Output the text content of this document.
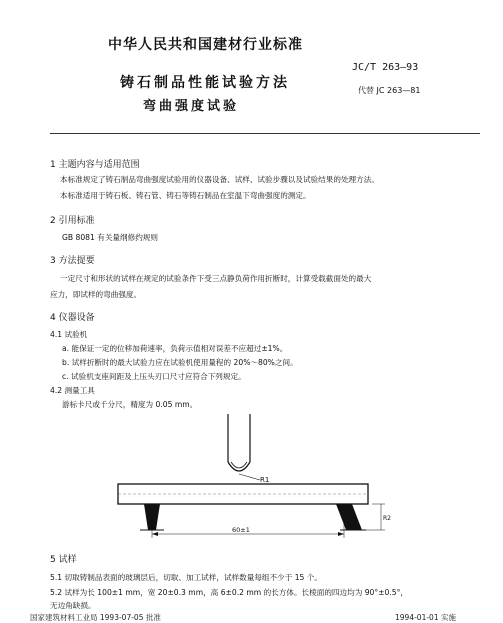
中华人民共和国建材行业标准
JC/T 263—93
铸石制品性能试验方法	代替 JC 263—81
弯曲强度试验
1 主题内容与适用范围
本标准规定了铸石制品弯曲强度试验用的仪器设备、试样、试验步骤以及试验结果的处理方法。
本标准适用于铸石板、铸石管、铸石等铸石制品在室温下弯曲强度的测定。
2 引用标准
GB 8081 有关量纲修约规则
3 方法提要
一定尺寸和形状的试样在规定的试验条件下受三点静负荷作用折断时，计算受载截面处的最大
应力，即试样的弯曲强度。
4 仪器设备
4.1 试验机
a. 能保证一定的位移加荷速率，负荷示值相对误差不应超过±1%。
b. 试样折断时的最大试验力应在试验机使用量程的 20%～80%之间。
c. 试验机支座间距及上压头刃口尺寸应符合下列规定。
4.2 测量工具
游标卡尺或千分尺，精度为 0.05 mm。
R1
60±1
R2
5 试样
5.1 切取铸制品表面的玻璃层后，切取、加工试样，试样数量每组不少于 15 个。
5.2 试样为长 100±1 mm，宽 20±0.3 mm，高 6±0.2 mm 的长方体。长棱面的四边均为 90°±0.5°，
无边角缺损。
国家建筑材料工业局 1993-07-05 批准	1994-01-01 实施
